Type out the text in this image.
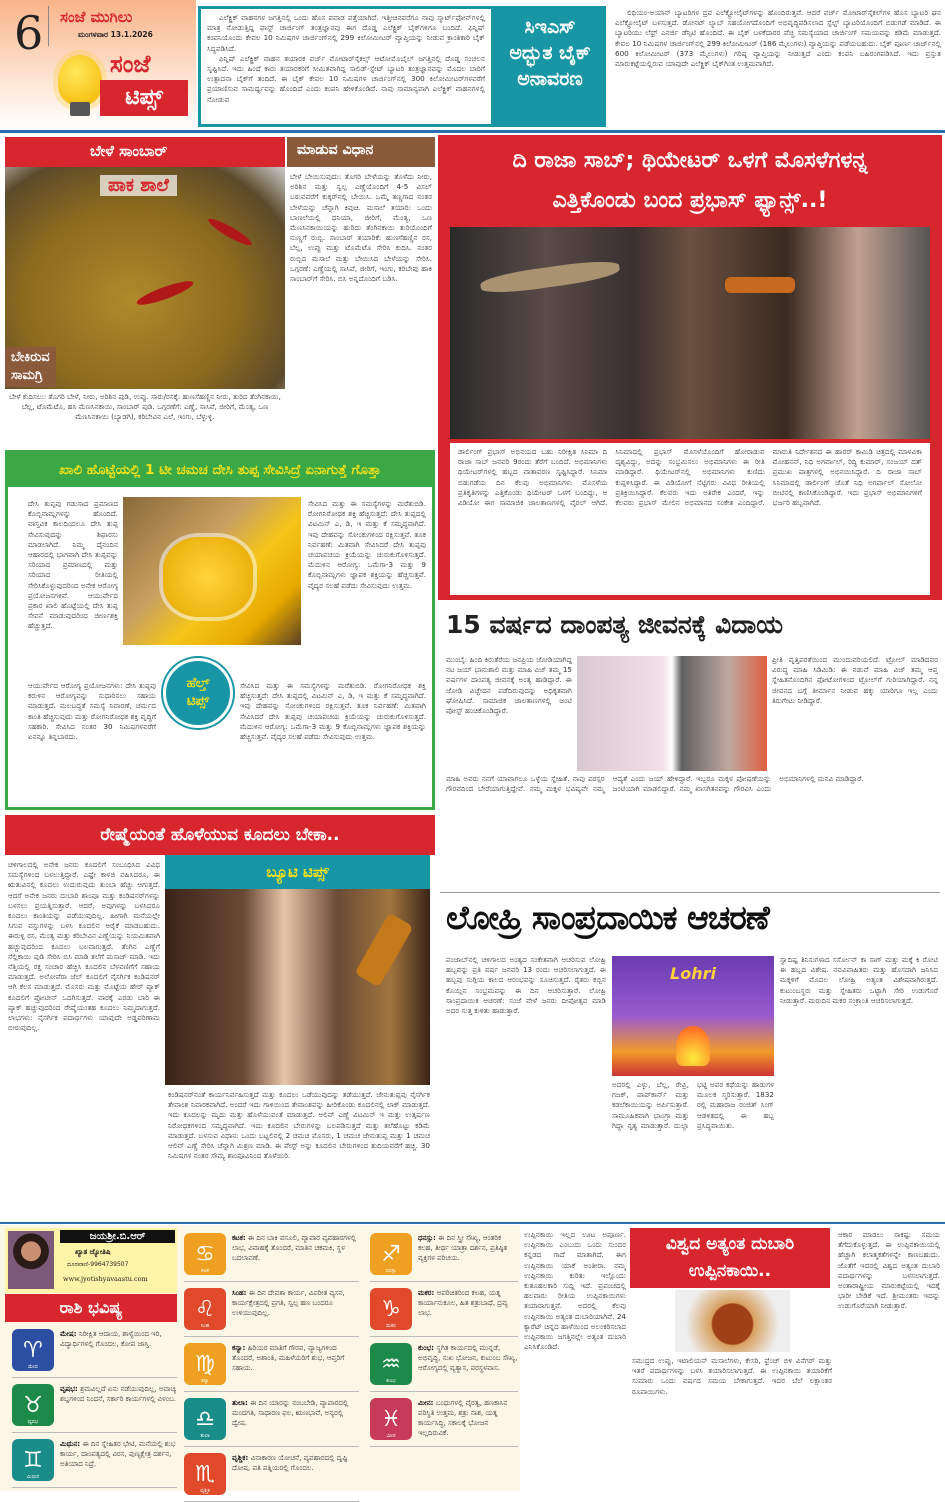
6 ಸಂಜೆ ಮುಗಿಲು
ಮಂಗಳವಾರ 13.1.2026
ಸಂಜೆ
ಟಿಪ್ಸ್

ಎಲೆಕ್ಟ್ರಿಕ್ ವಾಹನಗಳ ಜಗತ್ತಿನಲ್ಲಿ ಒಂದು ಹೊಸ ಪವಾಡ ಪತ್ತೆಯಾಗಿದೆ. ಇತ್ತೀಚಿನವರೆಗೂ ನಾವು ಸ್ಮಾರ್ಟ್‌ಫೋನ್‌ಗಳಲ್ಲಿ ಮಾತ್ರ ನೋಡುತ್ತಿದ್ದ ಫಾಸ್ಟ್ ಚಾರ್ಜಿಂಗ್ ತಂತ್ರಜ್ಞಾನವು ಈಗ ದೊಡ್ಡ ಎಲೆಕ್ಟ್ರಿಕ್ ಬೈಕ್‌ಗಳಿಗೂ ಬಂದಿದೆ. ಫಿನ್ನಿಷ್ ಕಂಪನಿಯೊಂದು ಕೇವಲ 10 ನಿಮಿಷಗಳ ಚಾರ್ಜಿಂಗ್‌ನಲ್ಲಿ 299 ಕಿಲೋಮೀಟರ್ ವ್ಯಾಪ್ತಿಯನ್ನು ನೀಡುವ ಕ್ರಾಂತಿಕಾರಿ ಬೈಕ್ ಸಿದ್ಧಪಡಿಸಿದೆ.

ಫಿನ್ನಿಷ್ ಎಲೆಕ್ಟ್ರಿಕ್ ವಾಹನ ತಯಾರಕ ವರ್ಜ್ ಮೋಟಾರ್‌ಸೈಕಲ್ಸ್ ಆಟೋಮೊಬೈಲ್ ಜಗತ್ತಿನಲ್ಲಿ ದೊಡ್ಡ ಸಂಚಲನ ಸೃಷ್ಟಿಸಿದೆ. ಇದು ಹಿಂದೆ ಕಾರು ತಯಾರಕರಿಗೆ ಸೀಮಿತವಾಗಿದ್ದ ಸಾಲಿಡ್-ಸ್ಟೇಟ್ ಬ್ಯಾಟರಿ ತಂತ್ರಜ್ಞಾನವನ್ನು ಮೊದಲ ಬಾರಿಗೆ ಉತ್ಪಾದನಾ ಬೈಕ್‌ಗೆ ತಂದಿದೆ. ಈ ಬೈಕ್ ಕೇವಲ 10 ನಿಮಿಷಗಳ ಚಾರ್ಜಿಂಗ್‌ನಲ್ಲಿ 300 ಕಿಲೋಮೀಟರ್‌ಗಳವರೆಗೆ ಪ್ರಯಾಣಿಸುವ ಸಾಮರ್ಥ್ಯವನ್ನು ಹೊಂದಿದೆ ಎಂದು ಕಂಪನಿ ಹೇಳಿಕೊಂಡಿದೆ. ನಾವು ಸಾಮಾನ್ಯವಾಗಿ ಎಲೆಕ್ಟ್ರಿಕ್ ವಾಹನಗಳಲ್ಲಿ ನೋಡುವ

ಸಿಇಎಸ್ ಅದ್ಭುತ ಬೈಕ್ ಅನಾವರಣ

ಲಿಥಿಯಂ-ಅಯಾನ್ ಬ್ಯಾಟರಿಗಳ ದ್ರವ ಎಲೆಕ್ಟ್ರೋಲೈಟ್‌ಗಳನ್ನು ಹೊಂದಿರುತ್ತವೆ. ಆದರೆ ವರ್ಜ್ ಮೋಟಾರ್‌ಸೈಕಲ್‌ಗಳ ಹೊಸ ಬ್ಯಾಟರಿ ಘನ ಎಲೆಕ್ಟ್ರೋಲೈಟ್ ಬಳಸುತ್ತದೆ. ಡೋನಟ್ ಲ್ಯಾಬ್ ಸಹಯೋಗದೊಂದಿಗೆ ಅಭಿವೃದ್ಧಿಪಡಿಸಲಾದ ಸ್ಟೆಲ್ಟ್ ಬ್ಯಾಟರಿಯೊಂದಿಗೆ ಬಿಡುಗಡೆ ಮಾಡಿದೆ. ಈ ಬ್ಯಾಟರಿಯು ಲೆಥ್ರ್ ಎನರ್ಜಿ ಡೆನ್ಸಿಟಿ ಹೊಂದಿದೆ. ಈ ಬೈಕ್ ಬಳಕೆದಾರರ ವೆಚ್ಚ ಸಮಸ್ಯೆಯಾದ ಚಾರ್ಜಿಂಗ್ ಸಮಯವನ್ನು ಕಡಿಮೆ ಮಾಡುತ್ತದೆ. ಕೇವಲ 10 ನಿಮಿಷಗಳ ಚಾರ್ಜಿಂಗ್‌ನಲ್ಲಿ 299 ಕಿಲೋಮೀಟರ್ (186 ಮೈಲುಗಳು) ವ್ಯಾಪ್ತಿಯನ್ನು ಪಡೆಯಬಹುದು. ಬೈಕ್ ಪೂರ್ಣ ಚಾರ್ಜ್‌ನಲ್ಲಿ 600 ಕಿಲೋಮೀಟರ್ (373 ಮೈಲುಗಳು) ಗರಿಷ್ಠ ವ್ಯಾಪ್ತಿಯನ್ನು ನೀಡುತ್ತದೆ ಎಂದು ಕಂಪನಿ ಬಹಿರಂಗಪಡಿಸಿದೆ. ಇದು ಪ್ರಸ್ತುತ ಮಾರುಕಟ್ಟೆಯಲ್ಲಿರುವ ಯಾವುದೇ ಎಲೆಕ್ಟ್ರಿಕ್ ಬೈಕ್‌ಗಿಂತ ಉತ್ತಮವಾಗಿದೆ.

ಬೇಳೆ ಸಾಂಬಾರ್	ಮಾಡುವ ವಿಧಾನ
ಪಾಕ ಶಾಲೆ
ಬೇಕಿರುವ
ಸಾಮಗ್ರಿ
ಬೇಳೆ ಕುದಿಸಲು: ತೊಗರಿ ಬೇಳೆ, ನೀರು, ಅರಿಶಿನ ಪುಡಿ, ಉಪ್ಪು. ಸಾರು/ರಸಕ್ಕೆ: ಹುಣಸೆಹಣ್ಣಿನ ನೀರು, ತುರಿದ ತೆಂಗಿನಕಾಯಿ, ಬೆಲ್ಲ, ಟೊಮೆಟೊ, ಹಸಿ ಮೆಣಸಿನಕಾಯಿ, ಸಾಂಬಾರ್ ಪುಡಿ. ಒಗ್ಗರಣೆಗೆ: ಎಣ್ಣೆ, ಸಾಸಿವೆ, ಜೀರಿಗೆ, ಮೆಂತ್ಯ, ಒಣ ಮೆಣಸಿನಕಾಯಿ (ಬ್ಯಾಡಗಿ), ಕರಿಬೇವಿನ ಎಲೆ, ಇಂಗು, ಬೆಳ್ಳುಳ್ಳಿ.
ಬೇಳೆ ಬೇಯಿಸುವುದು: ತೊಗರಿ ಬೇಳೆಯನ್ನು ತೊಳೆದು ನೀರು, ಅರಿಶಿನ ಮತ್ತು ಸ್ವಲ್ಪ ಎಣ್ಣೆಯೊಂದಿಗೆ 4-5 ವಿಸಲ್ ಬರುವವರೆಗೆ ಕುಕ್ಕರ್‌ನಲ್ಲಿ ಬೇಯಿಸಿ. ಒಮ್ಮೆ ತಣ್ಣಗಾದ ನಂತರ ಬೇಳೆಯನ್ನು ಚೆನ್ನಾಗಿ ಕಿವುಚಿ. ಮಸಾಲೆ ತಯಾರಿ: ಒಂದು ಬಾಣಲೆಯಲ್ಲಿ ಧನಿಯಾ, ಜೀರಿಗೆ, ಮೆಂತ್ಯ, ಒಣ ಮೆಣಸಿನಕಾಯಿಯನ್ನು ಹುರಿದು ತೆಂಗಿನಕಾಯಿ ತುರಿಯೊಂದಿಗೆ ನುಣ್ಣಗೆ ರುಬ್ಬಿ. ಸಾಂಬಾರ್ ತಯಾರಿಕೆ: ಹುಣಸೆಹಣ್ಣಿನ ರಸ, ಬೆಲ್ಲ, ಉಪ್ಪು ಮತ್ತು ಟೊಮೆಟೊ ಸೇರಿಸಿ ಕುದಿಸಿ. ನಂತರ ರುಬ್ಬಿದ ಮಸಾಲೆ ಮತ್ತು ಬೇಯಿಸಿದ ಬೇಳೆಯನ್ನು ಸೇರಿಸಿ. ಒಗ್ಗರಣೆ: ಎಣ್ಣೆಯಲ್ಲಿ ಸಾಸಿವೆ, ಜೀರಿಗೆ, ಇಂಗು, ಕರಿಬೇವು ಹಾಕಿ ಸಾಂಬಾರ್‌ಗೆ ಸೇರಿಸಿ. ಬಿಸಿ ಅನ್ನದೊಂದಿಗೆ ಬಡಿಸಿ.
ಖಾಲಿ ಹೊಟ್ಟೆಯಲ್ಲಿ 1 ಟೀ ಚಮಚ ದೇಸಿ ತುಪ್ಪ ಸೇವಿಸಿದ್ರೆ ಏನಾಗುತ್ತೆ ಗೊತ್ತಾ
ದೇಸಿ ತುಪ್ಪವು ಗಡುಸಾದ ಪ್ರಮಾಣದ ಕೊಬ್ಬಿನಾಮ್ಲಗಳನ್ನು ಹೊಂದಿದೆ. ವಾಸ್ತವಿಕ ಕಾಲದಿಂದಲೂ ದೇಸಿ ತುಪ್ಪ ಸೇವಿಸುವುದನ್ನು ಶಿಫಾರಸು ಮಾಡಲಾಗಿದೆ. ನಿಮ್ಮ ದೈನಂದಿನ ಆಹಾರದಲ್ಲಿ ಭಾಗವಾಗಿ ದೇಸಿ ತುಪ್ಪವನ್ನು ಸರಿಯಾದ ಪ್ರಮಾಣದಲ್ಲಿ ಮತ್ತು ಸರಿಯಾದ ರೀತಿಯಲ್ಲಿ ಸೇರಿಸಿಕೊಳ್ಳುವುದರಿಂದ ಅನೇಕ ಆರೋಗ್ಯ ಪ್ರಯೋಜನಗಳಿವೆ. ಆಯುರ್ವೇದ ಪ್ರಕಾರ ಖಾಲಿ ಹೊಟ್ಟೆಯಲ್ಲಿ ದೇಸಿ ತುಪ್ಪ ಸೇವನೆ ಮಾಡುವುದರಿಂದ ಜೀರ್ಣಶಕ್ತಿ ಹೆಚ್ಚುತ್ತದೆ.
ಸೇವಿಸಿದ ಮತ್ತು ಈ ಸಮಸ್ಯೆಗಳನ್ನು ಮರೆತುಬಿಡಿ. ರೋಗನಿರೋಧಕ ಶಕ್ತಿ ಹೆಚ್ಚಿಸುತ್ತದೆ: ದೇಸಿ ತುಪ್ಪದಲ್ಲಿ ವಿಟಮಿನ್ ಎ, ಡಿ, ಇ ಮತ್ತು ಕೆ ಸಮೃದ್ಧವಾಗಿದೆ. ಇವು ದೇಹವನ್ನು ಸೋಂಕುಗಳಿಂದ ರಕ್ಷಿಸುತ್ತವೆ. ತೂಕ ನಿರ್ವಹಣೆ: ಮಿತವಾಗಿ ಸೇವಿಸಿದರೆ ದೇಸಿ ತುಪ್ಪವು ಚಯಾಪಚಯ ಕ್ರಿಯೆಯನ್ನು ಚುರುಕುಗೊಳಿಸುತ್ತದೆ. ಮೆದುಳಿನ ಆರೋಗ್ಯ: ಒಮೆಗಾ-3 ಮತ್ತು 9 ಕೊಬ್ಬಿನಾಮ್ಲಗಳು ಜ್ಞಾಪಕ ಶಕ್ತಿಯನ್ನು ಹೆಚ್ಚಿಸುತ್ತವೆ. ವೈದ್ಯರ ಸಲಹೆ ಪಡೆದು ಸೇವಿಸುವುದು ಉತ್ತಮ.
ಆಯುರ್ವೇದ ಆರೋಗ್ಯ ಪ್ರಯೋಜನಗಳು: ದೇಸಿ ತುಪ್ಪವು ಕರುಳಿನ ಆರೋಗ್ಯವನ್ನು ಸುಧಾರಿಸಲು ಸಹಾಯ ಮಾಡುತ್ತದೆ. ಮಲಬದ್ಧತೆ ಸಮಸ್ಯೆ ನಿವಾರಣೆ, ಚರ್ಮದ ಕಾಂತಿ ಹೆಚ್ಚಿಸುವುದು ಮತ್ತು ರೋಗನಿರೋಧಕ ಶಕ್ತಿ ವೃದ್ಧಿಗೆ ಸಹಕಾರಿ. ಸೇವಿಸಿದ ನಂತರ 30 ನಿಮಿಷಗಳವರೆಗೆ ಏನನ್ನೂ ತಿನ್ನಬಾರದು.
ಹೆಲ್ತ್
ಟಿಪ್ಸ್
ಸೇವಿಸಿದ ಮತ್ತು ಈ ಸಮಸ್ಯೆಗಳನ್ನು ಮರೆತುಬಿಡಿ. ರೋಗನಿರೋಧಕ ಶಕ್ತಿ ಹೆಚ್ಚಿಸುತ್ತದೆ: ದೇಸಿ ತುಪ್ಪದಲ್ಲಿ ವಿಟಮಿನ್ ಎ, ಡಿ, ಇ ಮತ್ತು ಕೆ ಸಮೃದ್ಧವಾಗಿದೆ. ಇವು ದೇಹವನ್ನು ಸೋಂಕುಗಳಿಂದ ರಕ್ಷಿಸುತ್ತವೆ. ತೂಕ ನಿರ್ವಹಣೆ: ಮಿತವಾಗಿ ಸೇವಿಸಿದರೆ ದೇಸಿ ತುಪ್ಪವು ಚಯಾಪಚಯ ಕ್ರಿಯೆಯನ್ನು ಚುರುಕುಗೊಳಿಸುತ್ತದೆ. ಮೆದುಳಿನ ಆರೋಗ್ಯ: ಒಮೆಗಾ-3 ಮತ್ತು 9 ಕೊಬ್ಬಿನಾಮ್ಲಗಳು ಜ್ಞಾಪಕ ಶಕ್ತಿಯನ್ನು ಹೆಚ್ಚಿಸುತ್ತವೆ. ವೈದ್ಯರ ಸಲಹೆ ಪಡೆದು ಸೇವಿಸುವುದು ಉತ್ತಮ.
ರೇಷ್ಮೆಯಂತೆ ಹೊಳೆಯುವ ಕೂದಲು ಬೇಕಾ..
ಚಳಿಗಾಲದಲ್ಲಿ ಅನೇಕ ಜನರು ಕೂದಲಿಗೆ ಸಂಬಂಧಿಸಿದ ವಿವಿಧ ಸಮಸ್ಯೆಗಳಿಂದ ಬಳಲುತ್ತಿದ್ದಾರೆ. ಎಷ್ಟೇ ಕಾಳಜಿ ವಹಿಸಿದರೂ, ಈ ಋತುವಿನಲ್ಲಿ ಕೂದಲು ಉದುರುವುದು ತುಂಬಾ ಹೆಚ್ಚು ಆಗುತ್ತದೆ. ಆದರೆ ಅನೇಕ ಜನರು ದುಬಾರಿ ಶಾಂಪೂ ಮತ್ತು ಕಂಡಿಷನರ್‌ಗಳನ್ನು ಬಳಸಲು ಪ್ರಯತ್ನಿಸುತ್ತಾರೆ. ಆದರೆ, ಅವುಗಳನ್ನು ಬಳಸಿದರೂ ಕೂದಲು ಕಾಂತಿಯನ್ನು ಪಡೆಯುವುದಿಲ್ಲ. ಹೀಗಾಗಿ ಮನೆಯಲ್ಲೇ ಸಿಗುವ ವಸ್ತುಗಳನ್ನು ಬಳಸಿ ಕೂದಲಿನ ಆರೈಕೆ ಮಾಡಬಹುದು. ಈರುಳ್ಳಿ ರಸ, ಮೆಂತ್ಯ ಮತ್ತು ಕರಿಬೇವಿನ ಎಣ್ಣೆಯನ್ನು ನಿಯಮಿತವಾಗಿ ಹಚ್ಚುವುದರಿಂದ ಕೂದಲು ಬಲವಾಗುತ್ತದೆ. ತೆಂಗಿನ ಎಣ್ಣೆಗೆ ನೆಲ್ಲಿಕಾಯಿ ಪುಡಿ ಸೇರಿಸಿ ಬಿಸಿ ಮಾಡಿ ತಲೆಗೆ ಮಸಾಜ್ ಮಾಡಿ. ಇದು ನೆತ್ತಿಯಲ್ಲಿ ರಕ್ತ ಸಂಚಾರ ಹೆಚ್ಚಿಸಿ ಕೂದಲಿನ ಬೆಳವಣಿಗೆಗೆ ಸಹಾಯ ಮಾಡುತ್ತದೆ. ಅಲೋವೆರಾ ಜೆಲ್ ಕೂದಲಿಗೆ ನೈಸರ್ಗಿಕ ಕಂಡಿಷನರ್ ಆಗಿ ಕೆಲಸ ಮಾಡುತ್ತದೆ. ಮೊಸರು ಮತ್ತು ಮೊಟ್ಟೆಯ ಹೇರ್ ಪ್ಯಾಕ್ ಕೂದಲಿಗೆ ಪ್ರೋಟೀನ್ ಒದಗಿಸುತ್ತದೆ. ವಾರಕ್ಕೆ ಎರಡು ಬಾರಿ ಈ ಪ್ಯಾಕ್ ಹಚ್ಚುವುದರಿಂದ ರೇಷ್ಮೆಯಂತಹ ಕೂದಲು ನಿಮ್ಮದಾಗುತ್ತದೆ. ಲಾಭಗಳು: ನೈಸರ್ಗಿಕ ಪದಾರ್ಥಗಳು ಯಾವುದೇ ಅಡ್ಡಪರಿಣಾಮ ಬೀರುವುದಿಲ್ಲ.
ಬ್ಯೂಟಿ ಟಿಪ್ಸ್
ಕಂಡಿಷನರ್‌ನಂತೆ ಕಾರ್ಯನಿರ್ವಹಿಸುತ್ತದೆ ಮತ್ತು ಕೂದಲು ಒಡೆಯುವುದನ್ನು ತಡೆಯುತ್ತದೆ. ಜೇನುತುಪ್ಪವು ನೈಸರ್ಗಿಕ ತೇವಾಂಶ ನಿವಾರಕವಾಗಿದೆ. ಅಂದರೆ ಇದು ಗಾಳಿಯಿಂದ ತೇವಾಂಶವನ್ನು ಹೀರಿಕೊಂಡು ಕೂದಲಿನಲ್ಲಿ ಲಾಕ್ ಮಾಡುತ್ತದೆ. ಇದು ಕೂದಲನ್ನು ಮೃದು ಮತ್ತು ಹೊಳೆಯುವಂತೆ ಮಾಡುತ್ತದೆ. ಆಲಿವ್ ಎಣ್ಣೆ ವಿಟಮಿನ್ ಇ ಮತ್ತು ಉತ್ಕರ್ಷಣ ನಿರೋಧಕಗಳಿಂದ ಸಮೃದ್ಧವಾಗಿದೆ. ಇದು ಕೂದಲಿನ ಬೇರುಗಳನ್ನು ಬಲಪಡಿಸುತ್ತದೆ ಮತ್ತು ತಲೆಹೊಟ್ಟು ಕಡಿಮೆ ಮಾಡುತ್ತದೆ. ಬಳಸುವ ವಿಧಾನ: ಒಂದು ಬಟ್ಟಲಿನಲ್ಲಿ 2 ಚಮಚ ಮೊಸರು, 1 ಚಮಚ ಜೇನುತುಪ್ಪ ಮತ್ತು 1 ಚಮಚ ಆಲಿವ್ ಎಣ್ಣೆ ಸೇರಿಸಿ ಚೆನ್ನಾಗಿ ಮಿಶ್ರಣ ಮಾಡಿ. ಈ ಪೇಸ್ಟ್ ಅನ್ನು ಕೂದಲಿನ ಬೇರುಗಳಿಂದ ತುದಿಯವರೆಗೆ ಹಚ್ಚಿ. 30 ನಿಮಿಷಗಳ ನಂತರ ಸೌಮ್ಯ ಶಾಂಪೂವಿನಿಂದ ತೊಳೆಯಿರಿ.
ದಿ ರಾಜಾ ಸಾಬ್; ಥಿಯೇಟರ್ ಒಳಗೆ ಮೊಸಳೆಗಳನ್ನ
ಎತ್ತಿಕೊಂಡು ಬಂದ ಪ್ರಭಾಸ್ ಫ್ಯಾನ್ಸ್..!
ಡಾರ್ಲಿಂಗ್ ಪ್ರಭಾಸ್ ಅಭಿನಯದ ಬಹು ನಿರೀಕ್ಷಿತ ಸಿನಿಮಾ ದಿ ರಾಜಾ ಸಾಬ್ ಜನವರಿ 9ರಂದು ತೆರೆಗೆ ಬಂದಿದೆ. ಅಭಿಮಾನಿಗಳು ಥಿಯೇಟರ್‌ಗಳಲ್ಲಿ ಹಬ್ಬದ ವಾತಾವರಣ ಸೃಷ್ಟಿಸಿದ್ದಾರೆ. ಸಿನಿಮಾ ಬಿಡುಗಡೆಯ ದಿನ ಕೆಲವು ಅಭಿಮಾನಿಗಳು ಮೊಸಳೆಯ ಪ್ರತಿಕೃತಿಗಳನ್ನು ಎತ್ತಿಕೊಂಡು ಥಿಯೇಟರ್ ಒಳಗೆ ಬಂದಿದ್ದು, ಆ ವಿಡಿಯೋ ಈಗ ಸಾಮಾಜಿಕ ಜಾಲತಾಣಗಳಲ್ಲಿ ವೈರಲ್ ಆಗಿದೆ. ಸಿನಿಮಾದಲ್ಲಿ ಪ್ರಭಾಸ್ ಮೊಸಳೆಯೊಂದಿಗೆ ಹೋರಾಡುವ ದೃಶ್ಯವಿದ್ದು, ಅದನ್ನು ಸಂಭ್ರಮಿಸಲು ಅಭಿಮಾನಿಗಳು ಈ ರೀತಿ ಮಾಡಿದ್ದಾರೆ. ಥಿಯೇಟರ್‌ನಲ್ಲಿ ಅಭಿಮಾನಿಗಳು ಕುಣಿದು ಕುಪ್ಪಳಿಸಿದ್ದಾರೆ. ಈ ವಿಡಿಯೋಗೆ ನೆಟ್ಟಿಗರು ವಿವಿಧ ರೀತಿಯಲ್ಲಿ ಪ್ರತಿಕ್ರಿಯಿಸಿದ್ದಾರೆ. ಕೆಲವರು ಇದು ಅತಿರೇಕ ಎಂದರೆ, ಇನ್ನು ಕೆಲವರು ಪ್ರಭಾಸ್ ಮೇಲಿನ ಅಭಿಮಾನದ ಸಂಕೇತ ಎಂದಿದ್ದಾರೆ. ಮಾರುತಿ ನಿರ್ದೇಶನದ ಈ ಹಾರರ್ ಕಾಮಿಡಿ ಚಿತ್ರದಲ್ಲಿ ಮಾಳವಿಕಾ ಮೋಹನನ್, ನಿಧಿ ಅಗರ್ವಾಲ್, ರಿದ್ಧಿ ಕುಮಾರ್, ಸಂಜಯ್ ದತ್ ಪ್ರಮುಖ ಪಾತ್ರಗಳಲ್ಲಿ ಅಭಿನಯಿಸಿದ್ದಾರೆ. ದಿ ರಾಜಾ ಸಾಬ್ ಸಿನಿಮಾದಲ್ಲಿ ಡಾರ್ಲಿಂಗ್ ಜೊತೆ ನಿಧಿ ಅಗರ್ವಾಲ್ ಸೋಲೋ ಬೀಟಿನಲ್ಲಿ ಕಾಣಿಸಿಕೊಂಡಿದ್ದಾರೆ. ಇದು ಪ್ರಭಾಸ್ ಅಭಿಮಾನಿಗಳಿಗೆ ಭರ್ಜರಿ ಹಬ್ಬವಾಗಿದೆ.
15 ವರ್ಷದ ದಾಂಪತ್ಯ ಜೀವನಕ್ಕೆ ವಿದಾಯ
ಮುಂಬೈ: ಹಿಂದಿ ಕಿರುತೆರೆಯ ಜನಪ್ರಿಯ ಜೋಡಿಯಾಗಿದ್ದ ನಟ ಜಯ್ ಭಾನುಶಾಲಿ ಮತ್ತು ಮಾಹಿ ವಿಜ್ ತಮ್ಮ 15 ವರ್ಷಗಳ ದಾಂಪತ್ಯ ಜೀವನಕ್ಕೆ ಅಂತ್ಯ ಹಾಡಿದ್ದಾರೆ. ಈ ಜೋಡಿ ವಿಚ್ಛೇದನ ಪಡೆದಿರುವುದನ್ನು ಅಧಿಕೃತವಾಗಿ ಘೋಷಿಸಿದೆ. ಸಾಮಾಜಿಕ ಜಾಲತಾಣಗಳಲ್ಲಿ ಜಂಟಿ ಪೋಸ್ಟ್ ಹಂಚಿಕೊಂಡಿದ್ದಾರೆ.
ಪ್ರೀತಿ ವೃತ್ತಿಪರತೆಯಿಂದ ಮುಂದುವರಿಯಲಿದೆ. ಟ್ರೋಲ್ ಮಾಡಿದವರ ವಿರುದ್ಧ ಮಾಹಿ ಸಿಡಿಮಿಡಿ: ಈ ನಡುವೆ ಮಾಹಿ ವಿಜ್ ತಮ್ಮ ಆಪ್ತ ಸ್ನೇಹಿತನೊಂದಿಗಿನ ಫೋಟೋಗಳಿಂದ ಟ್ರೋಲ್‌ಗೆ ಗುರಿಯಾಗಿದ್ದಾರೆ. ನನ್ನ ಜೀವನದ ಬಗ್ಗೆ ತೀರ್ಮಾನ ನೀಡುವ ಹಕ್ಕು ಯಾರಿಗೂ ಇಲ್ಲ ಎಂದು ತಿರುಗೇಟು ನೀಡಿದ್ದಾರೆ.
ಮಾಹಿ ಅವರು ನನಗೆ ಯಾವಾಗಲೂ ಒಳ್ಳೆಯ ಸ್ನೇಹಿತೆ. ನಾವು ಪರಸ್ಪರ ಗೌರವದಿಂದ ಬೇರೆಯಾಗುತ್ತಿದ್ದೇವೆ. ನಮ್ಮ ಮಕ್ಕಳ ಭವಿಷ್ಯವೇ ನಮ್ಮ ಆದ್ಯತೆ ಎಂದು ಜಯ್ ಹೇಳಿದ್ದಾರೆ. ಇಬ್ಬರೂ ಮಕ್ಕಳ ಪೋಷಣೆಯನ್ನು ಜಂಟಿಯಾಗಿ ಮಾಡಲಿದ್ದಾರೆ. ನಮ್ಮ ಖಾಸಗಿತನವನ್ನು ಗೌರವಿಸಿ ಎಂದು ಅಭಿಮಾನಿಗಳಲ್ಲಿ ಮನವಿ ಮಾಡಿದ್ದಾರೆ.
ಲೋಹ್ರಿ ಸಾಂಪ್ರದಾಯಿಕ ಆಚರಣೆ
ಪಂಜಾಬ್‌ನಲ್ಲಿ ಚಳಿಗಾಲದ ಅಂತ್ಯದ ಸಂಕೇತವಾಗಿ ಆಚರಿಸುವ ಲೋಹ್ರಿ ಹಬ್ಬವನ್ನು ಪ್ರತಿ ವರ್ಷ ಜನವರಿ 13 ರಂದು ಆಚರಿಸಲಾಗುತ್ತದೆ. ಈ ಹಬ್ಬವು ಸುಗ್ಗಿಯ ಕಾಲದ ಆರಂಭವನ್ನು ಸೂಚಿಸುತ್ತದೆ. ರೈತರು ಕಬ್ಬಿನ ಕೊಯ್ಲಿನ ಸಂಭ್ರಮವನ್ನು ಈ ದಿನ ಆಚರಿಸುತ್ತಾರೆ. ಲೋಹ್ರಿ ಸಾಂಪ್ರದಾಯಿಕ ಆಚರಣೆ: ಸಂಜೆ ವೇಳೆ ಜನರು ದೀಪೋತ್ಸವ ಮಾಡಿ ಅದರ ಸುತ್ತ ಕುಳಿತು ಹಾಡುತ್ತಾರೆ.
Lohri
ಅದರಲ್ಲಿ ಎಳ್ಳು, ಬೆಲ್ಲ, ರೇವ್ರಿ, ಗಜಕ್, ಪಾಪ್‌ಕಾರ್ನ್ ಮತ್ತು ಕಡಲೆಕಾಯಿಯನ್ನು ಅರ್ಪಿಸುತ್ತಾರೆ. ಸಾಮೂಹಿಕವಾಗಿ ಭಾಂಗ್ರಾ ಮತ್ತು ಗಿದ್ದಾ ನೃತ್ಯ ಮಾಡುತ್ತಾರೆ. ದುಲ್ಲಾ ಭಟ್ಟಿ ಅವರ ಕಥೆಯನ್ನು ಹಾಡುಗಳ ಮೂಲಕ ಸ್ಮರಿಸುತ್ತಾರೆ. 1832 ರಲ್ಲಿ ಮಹಾರಾಜ ರಂಜಿತ್ ಸಿಂಗ್ ಆಡಳಿತದಲ್ಲಿ ಈ ಹಬ್ಬ ಪ್ರಸಿದ್ಧವಾಯಿತು.
ಸ್ವಾದಿಷ್ಟ ತಿನಿಸುಗಳಾದ ಸರ್ಸೋನ್ ಕಾ ಸಾಗ್ ಮತ್ತು ಮಕ್ಕೆ ಕಿ ರೋಟಿ ಈ ಹಬ್ಬದ ವಿಶೇಷ. ನವವಿವಾಹಿತರು ಮತ್ತು ಹೊಸದಾಗಿ ಜನಿಸಿದ ಮಕ್ಕಳಿಗೆ ಮೊದಲ ಲೋಹ್ರಿ ಅತ್ಯಂತ ವಿಶೇಷವಾಗಿರುತ್ತದೆ. ಕುಟುಂಬಸ್ಥರು ಮತ್ತು ಸ್ನೇಹಿತರು ಒಟ್ಟಾಗಿ ಸೇರಿ ಉಡುಗೊರೆ ನೀಡುತ್ತಾರೆ. ಮರುದಿನ ಮಕರ ಸಂಕ್ರಾಂತಿ ಆಚರಿಸಲಾಗುತ್ತದೆ.
ಜಯಶ್ರೀ.ಬಿ.ಆರ್
ಖ್ಯಾತ ಜ್ಯೋತಿಷಿ
ದೂರವಾಣಿ-9964739507
www.jyotishyavaastu.com
ರಾಶಿ ಭವಿಷ್ಯ
♈
ಮೇಷ
ಮೇಷ: ನಿರೀಕ್ಷಿತ ಆದಾಯ, ಶಾಳ್ಯೆಯಿಂದ ಇರಿ, ವಿದ್ಯಾರ್ಥಿಗಳಲ್ಲಿ ಗೊಂದಲ, ಕೋಪ ಜಾಸ್ತಿ.
♉
ವೃಷಭ
ವೃಷಭ: ಶ್ರಮವಿಲ್ಲದೆ ಏನು ನಡೆಯುವುದಿಲ್ಲ, ಅವಾಚ್ಯ ಶಬ್ದಗಳಿಂದ ನಿಂದನೆ, ಸರ್ಕಾರಿ ಕಾರ್ಯಗಳಲ್ಲಿ ವಿಳಂಬ.
♊
ಮಿಥುನ
ಮಿಥುನ: ಈ ದಿನ ಸ್ನೇಹಿತರ ಭೇಟಿ, ಮನೆಯಲ್ಲಿ ಶುಭ ಕಾರ್ಯ, ದಾಂಪತ್ಯದಲ್ಲಿ ವಿರಸ, ಪುಣ್ಯಕ್ಷೇತ್ರ ದರ್ಶನ, ಅತಿಯಾದ ನಿದ್ರೆ.
♋
ಕಟಕ
ಕಟಕ: ಈ ದಿನ ಬಾಕಿ ವಸೂಲಿ, ವ್ಯಾಪಾರ ವ್ಯವಹಾರಗಳಲ್ಲಿ ಲಾಭ, ವಿವಾಹಕ್ಕೆ ತೊಂದರೆ, ಮಾತಿನ ಚಕಮಕಿ, ಸ್ಥಳ ಬದಲಾವಣೆ.
♌
ಸಿಂಹ
ಸಿಂಹ: ಈ ದಿನ ದೇವತಾ ಕಾರ್ಯ, ವಿಪರೀತ ವ್ಯಸನ, ಕಾರ್ಯಕ್ಷೇತ್ರದಲ್ಲಿ ಪ್ರಗತಿ, ಸ್ವಲ್ಪ ಹಣ ಬಂದರೂ ಉಳಿಯುವುದಿಲ್ಲ.
♍
ಕನ್ಯಾ
ಕನ್ಯಾ: ಹಿರಿಯರ ಮಾತಿಗೆ ಗೌರವ, ವ್ಯಾಜ್ಯಗಳಿಂದ ತೊಂದರೆ, ಅಶಾಂತಿ, ಮಹಿಳೆಯರಿಗೆ ಶುಭ, ಆಪ್ತರಿಗೆ ಸಹಾಯ.
♎
ತುಲಾ
ತುಲಾ: ಈ ದಿನ ಯಾರನ್ನು ನಂಬಬೇಡಿ, ವ್ಯಾಪಾರದಲ್ಲಿ ಮಂದಗತಿ, ಸಾಧಾರಣ ಫಲ, ಋಣಭಾವೆ, ಅನ್ಯರಲ್ಲಿ ದ್ವೇಷ.
♏
ವೃಶ್ಚಿಕ
ವೃಶ್ಚಿಕ: ವಿನಾಕಾರಣ ಯೋಚನೆ, ವ್ಯವಹಾರದಲ್ಲಿ ದೃಷ್ಟಿ ದೋಷ, ಪತಿ ಪತ್ನಿಯರಲ್ಲಿ ಗೊಂದಲ.
♐
ಧನಸ್ಸು
ಧನಸ್ಸು: ಈ ದಿನ ಸ್ತ್ರೀ ಸೌಖ್ಯ, ಆಂತರಿಕ ಕಲಹ, ತೀರ್ಥ ಯಾತ್ರಾ ದರ್ಶನ, ಪ್ರತಿಷ್ಠಿತ ವ್ಯಕ್ತಿಗಳ ಪರಿಚಯ.
♑
ಮಕರ
ಮಕರ: ಅಪರಿಚಿತರಿಂದ ಕಲಹ, ಯತ್ನ ಕಾರ್ಯಾನುಕೂಲ, ಹಿತ ಶತ್ರುಬಾಧೆ, ದ್ರವ್ಯ ಲಾಭ.
♒
ಕುಂಭ
ಕುಂಭ: ಸ್ಥಗಿತ ಕಾರ್ಯದಲ್ಲಿ ಮುನ್ನಡೆ, ಅಭಿವೃದ್ಧಿ, ಸುಖ ಭೋಜನ, ಕುಟುಂಬ ಸೌಖ್ಯ, ಆರೋಗ್ಯದಲ್ಲಿ ವ್ಯತ್ಯಾಸ, ಪರಸ್ಥಳವಾಸ.
♓
ಮೀನ
ಮೀನ: ಬಂಧುಗಳಲ್ಲಿ ವೈರತ್ವ, ಹಣಕಾಸಿನ ಪರಿಸ್ಥಿತಿ ಉತ್ತಮ, ಶತ್ರು ನಾಶ, ಯತ್ನ ಕಾರ್ಯಸಿದ್ಧಿ, ಸಕಾಲಕ್ಕೆ ಭೋಜನ ಇಲ್ಲದಿರುವಿಕೆ.
ಉಪ್ಪಿನಕಾಯಿ ಇಲ್ಲದ ಊಟ ಅಪೂರ್ಣ. ಉಪ್ಪಿನಕಾಯಿ ಎಂಬುದು ಒಂದು ಸುಂದರ ಕನ್ನಡದ ಗಾದೆ ಮಾತಾಗಿದೆ. ಈಗ ಉಪ್ಪಿನಕಾಯಿ ಯಾಕೆ ಅಂತೀರಾ. ನಮ್ಮ ಉಪ್ಪಿನಕಾಯಿ ಕುರಿತು ಇಲ್ಲೊಂದು ಕುತೂಹಲಕಾರಿ ಸುದ್ದಿ ಇದೆ. ಪ್ರಪಂಚದಲ್ಲಿ ಹಲವಾರು ರೀತಿಯ ಉಪ್ಪಿನಕಾಯಿಗಳು ತಯಾರಾಗುತ್ತವೆ. ಅದರಲ್ಲಿ ಕೆಲವು ಉಪ್ಪಿನಕಾಯಿ ಅತ್ಯಂತ ದುಬಾರಿಯಾಗಿವೆ. 24 ಕ್ಯಾರೆಟ್ ಚಿನ್ನದ ಹಾಳೆಯಿಂದ ಅಲಂಕರಿಸಲಾದ ಉಪ್ಪಿನಕಾಯಿ ಜಗತ್ತಿನಲ್ಲೇ ಅತ್ಯಂತ ದುಬಾರಿ ಎನಿಸಿಕೊಂಡಿದೆ.
ವಿಶ್ವದ ಅತ್ಯಂತ ದುಬಾರಿ ಉಪ್ಪಿನಕಾಯಿ..
ಸಮುದ್ರದ ಉಪ್ಪು, ಇಟಾಲಿಯನ್ ಮಸಾಲೆಗಳು, ಕೇಸರಿ, ಫ್ರೆಂಚ್ ಬಿಳಿ ವಿನೆಗರ್ ಮತ್ತು ಇತರೆ ಪದಾರ್ಥಗಳನ್ನು ಬಳಸಿ ತಯಾರಿಸಲಾಗುತ್ತದೆ. ಈ ಉಪ್ಪಿನಕಾಯಿ ತಯಾರಿಕೆಗೆ ಸುಮಾರು ಒಂದು ವರ್ಷದ ಸಮಯ ಬೇಕಾಗುತ್ತದೆ. ಇದರ ಬೆಲೆ ಲಕ್ಷಾಂತರ ರೂಪಾಯಿಗಳು.
ಆಕಾರ ಮಾಡಲು ಸಾಕಷ್ಟು ಸಮಯ ತೆಗೆದುಕೊಳ್ಳುತ್ತದೆ. ಈ ಉಪ್ಪಿನಕಾಯಿಯಲ್ಲಿ ಹೆಚ್ಚಾಗಿ ಕಲಾತ್ಮಕತೆಗಳನ್ನೇ ಕಾಣಬಹುದು. ಜೊತೆಗೆ ಇದರಲ್ಲಿ ವಿಶ್ವದ ಅತ್ಯಂತ ದುಬಾರಿ ಪದಾರ್ಥಗಳನ್ನು ಬಳಸಲಾಗುತ್ತದೆ. ಅಂತಾರಾಷ್ಟ್ರೀಯ ಮಾರುಕಟ್ಟೆಯಲ್ಲಿ ಇದಕ್ಕೆ ಭಾರೀ ಬೇಡಿಕೆ ಇದೆ. ಶ್ರೀಮಂತರು ಇದನ್ನು ಉಡುಗೊರೆಯಾಗಿ ನೀಡುತ್ತಾರೆ.
